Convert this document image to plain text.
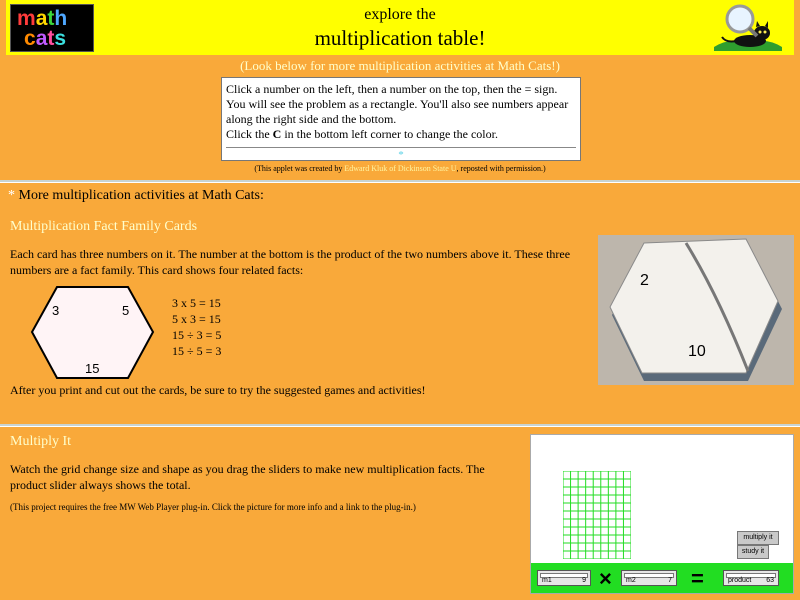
math
cats
explore the
multiplication table!
(Look below for more multiplication activities at Math Cats!)
Click a number on the left, then a number on the top, then the = sign. You will see the problem as a rectangle. You'll also see numbers appear along the right side and the bottom.
Click the C in the bottom left corner to change the color.
*
(This applet was created by Edward Kluk of Dickinson State U, reposted with permission.)
* More multiplication activities at Math Cats:
Multiplication Fact Family Cards
Each card has three numbers on it. The number at the bottom is the product of the two numbers above it. These three numbers are a fact family. This card shows four related facts:
3	5
15
3 x 5 = 15
5 x 3 = 15
15 ÷ 3 = 5
15 ÷ 5 = 3
2
10
After you print and cut out the cards, be sure to try the suggested games and activities!
Multiply It
Watch the grid change size and shape as you drag the sliders to make new multiplication facts. The product slider always shows the total.
(This project requires the free MW Web Player plug-in. Click the picture for more info and a link to the plug-in.)
multiply it
study it
m1	9 × m2	7 =	product 63
